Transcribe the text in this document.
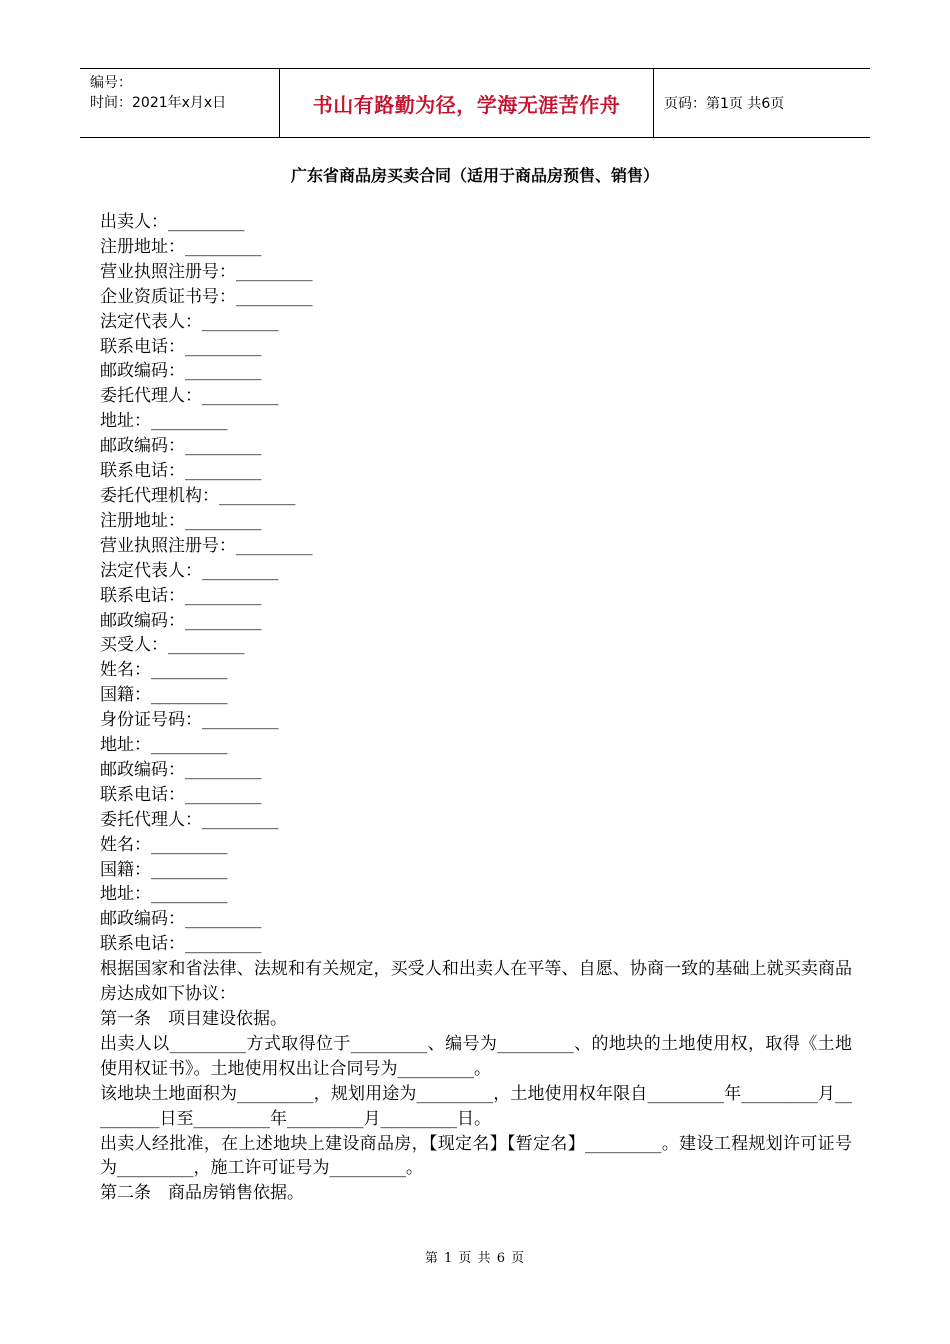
编号：
时间：2021年x月x日	书山有路勤为径，学海无涯苦作舟	页码：第1页 共6页
广东省商品房买卖合同（适用于商品房预售、销售）
出卖人：_________
注册地址：_________
营业执照注册号：_________
企业资质证书号：_________
法定代表人：_________
联系电话：_________
邮政编码：_________
委托代理人：_________
地址：_________
邮政编码：_________
联系电话：_________
委托代理机构：_________
注册地址：_________
营业执照注册号：_________
法定代表人：_________
联系电话：_________
邮政编码：_________
买受人：_________
姓名：_________
国籍：_________
身份证号码：_________
地址：_________
邮政编码：_________
联系电话：_________
委托代理人：_________
姓名：_________
国籍：_________
地址：_________
邮政编码：_________
联系电话：_________
根据国家和省法律、法规和有关规定，买受人和出卖人在平等、自愿、协商一致的基础上就买卖商品房达成如下协议：
第一条　项目建设依据。
出卖人以_________方式取得位于_________、编号为_________、的地块的土地使用权，取得《土地使用权证书》。土地使用权出让合同号为_________。
该地块土地面积为_________，规划用途为_________，土地使用权年限自_________年_________月_________日至_________年_________月_________日。
出卖人经批准，在上述地块上建设商品房，【现定名】【暂定名】_________。建设工程规划许可证号为_________，施工许可证号为_________。
第二条　商品房销售依据。
第 1 页 共 6 页
